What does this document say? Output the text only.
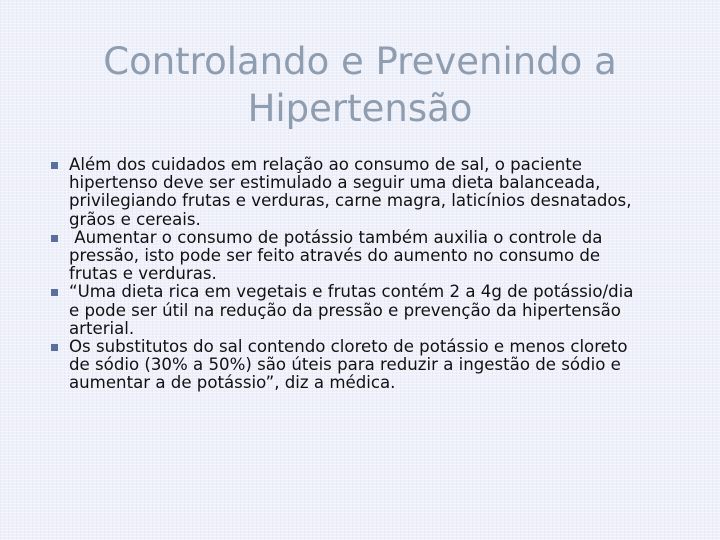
Controlando e Prevenindo a
Hipertensão
Além dos cuidados em relação ao consumo de sal, o paciente
hipertenso deve ser estimulado a seguir uma dieta balanceada,
privilegiando frutas e verduras, carne magra, laticínios desnatados,
grãos e cereais.
Aumentar o consumo de potássio também auxilia o controle da
pressão, isto pode ser feito através do aumento no consumo de
frutas e verduras.
“Uma dieta rica em vegetais e frutas contém 2 a 4g de potássio/dia
e pode ser útil na redução da pressão e prevenção da hipertensão
arterial.
Os substitutos do sal contendo cloreto de potássio e menos cloreto
de sódio (30% a 50%) são úteis para reduzir a ingestão de sódio e
aumentar a de potássio”, diz a médica.
